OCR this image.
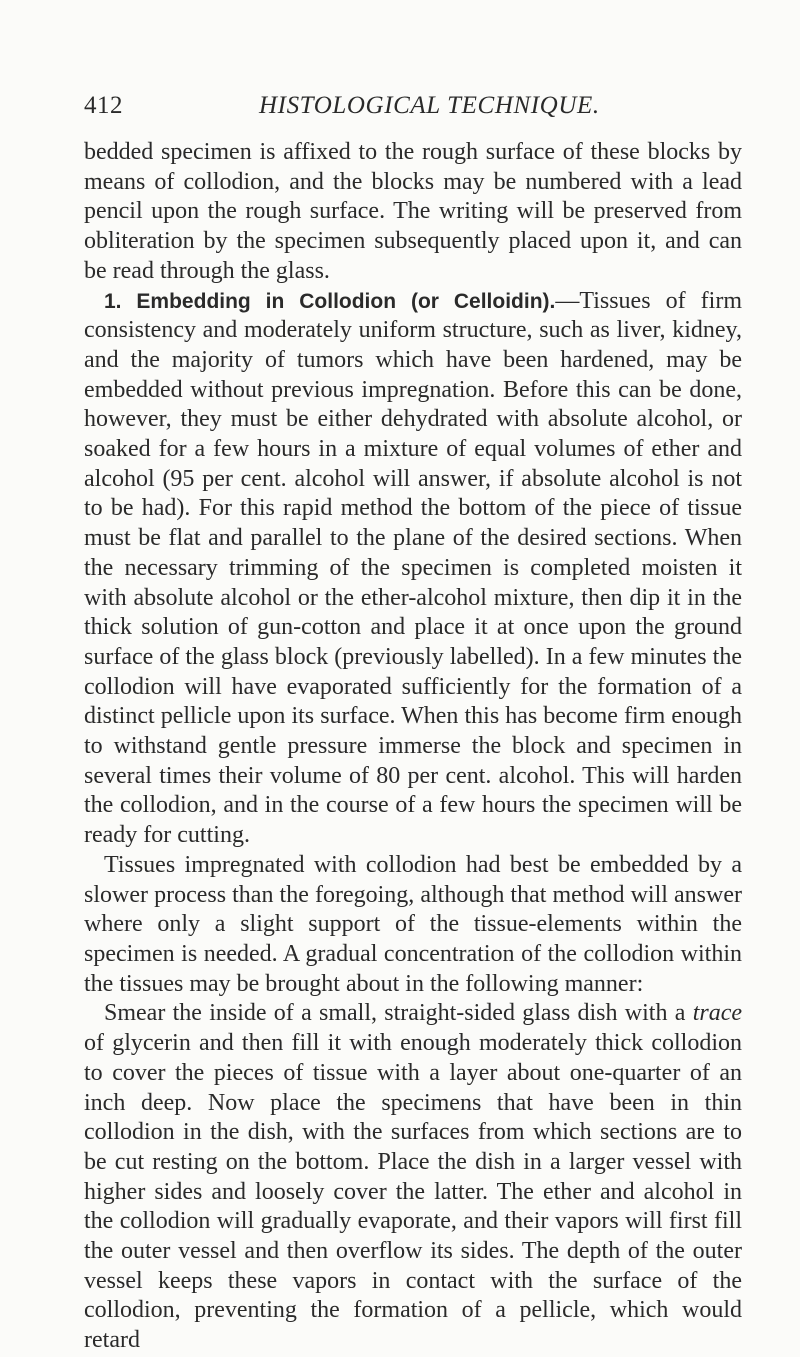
412	HISTOLOGICAL TECHNIQUE.

bedded specimen is affixed to the rough surface of these blocks by means of collodion, and the blocks may be numbered with a lead pencil upon the rough surface. The writing will be preserved from obliteration by the specimen subsequently placed upon it, and can be read through the glass.

1. Embedding in Collodion (or Celloidin).—Tissues of firm consistency and moderately uniform structure, such as liver, kidney, and the majority of tumors which have been hardened, may be embedded without previous impregnation. Before this can be done, however, they must be either dehydrated with absolute alcohol, or soaked for a few hours in a mixture of equal volumes of ether and alcohol (95 per cent. alcohol will answer, if absolute alcohol is not to be had). For this rapid method the bottom of the piece of tissue must be flat and parallel to the plane of the desired sections. When the necessary trimming of the specimen is completed moisten it with absolute alcohol or the ether-alcohol mixture, then dip it in the thick solution of gun-cotton and place it at once upon the ground surface of the glass block (previously labelled). In a few minutes the collodion will have evaporated sufficiently for the formation of a distinct pellicle upon its surface. When this has become firm enough to withstand gentle pressure immerse the block and specimen in several times their volume of 80 per cent. alcohol. This will harden the collodion, and in the course of a few hours the specimen will be ready for cutting.

Tissues impregnated with collodion had best be embedded by a slower process than the foregoing, although that method will answer where only a slight support of the tissue-elements within the specimen is needed. A gradual concentration of the collodion within the tissues may be brought about in the following manner:

Smear the inside of a small, straight-sided glass dish with a trace of glycerin and then fill it with enough moderately thick collodion to cover the pieces of tissue with a layer about one-quarter of an inch deep. Now place the specimens that have been in thin collodion in the dish, with the surfaces from which sections are to be cut resting on the bottom. Place the dish in a larger vessel with higher sides and loosely cover the latter. The ether and alcohol in the collodion will gradually evaporate, and their vapors will first fill the outer vessel and then overflow its sides. The depth of the outer vessel keeps these vapors in contact with the surface of the collodion, preventing the formation of a pellicle, which would retard
